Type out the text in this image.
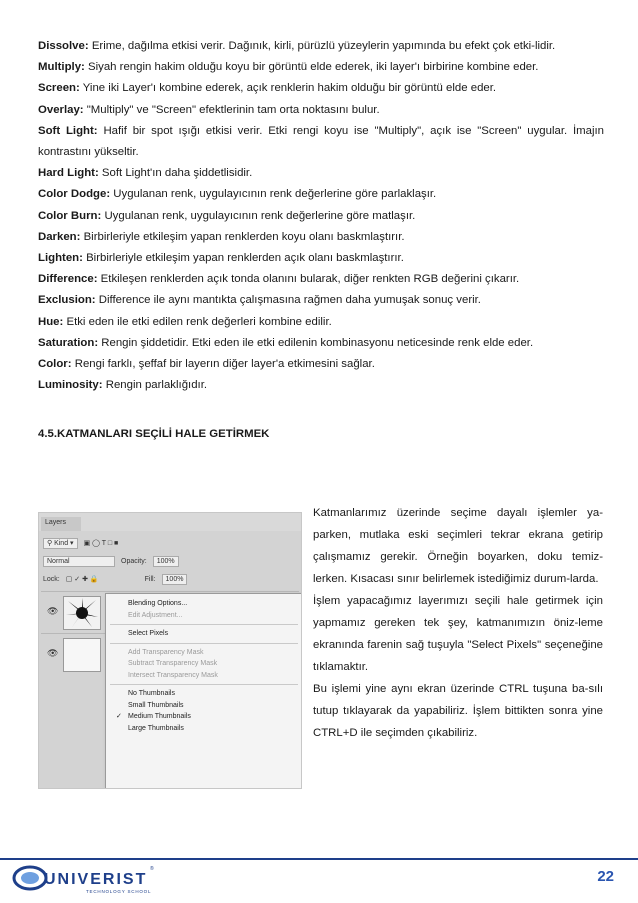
Dissolve: Erime, dağılma etkisi verir. Dağınık, kirli, pürüzlü yüzeylerin yapımında bu efekt çok etki-lidir.

Multiply: Siyah rengin hakim olduğu koyu bir görüntü elde ederek, iki layer'ı birbirine kombine eder.

Screen: Yine iki Layer'ı kombine ederek, açık renklerin hakim olduğu bir görüntü elde eder.

Overlay: "Multiply" ve "Screen" efektlerinin tam orta noktasını bulur.

Soft Light: Hafif bir spot ışığı etkisi verir. Etki rengi koyu ise "Multiply", açık ise "Screen" uygular. İmajın kontrastını yükseltir.

Hard Light: Soft Light'ın daha şiddetlisidir.

Color Dodge: Uygulanan renk, uygulayıcının renk değerlerine göre parlaklaşır.

Color Burn: Uygulanan renk, uygulayıcının renk değerlerine göre matlaşır.

Darken: Birbirleriyle etkileşim yapan renklerden koyu olanı baskmlaştırır.

Lighten: Birbirleriyle etkileşim yapan renklerden açık olanı baskmlaştırır.

Difference: Etkileşen renklerden açık tonda olanını bularak, diğer renkten RGB değerini çıkarır.

Exclusion: Difference ile aynı mantıkta çalışmasına rağmen daha yumuşak sonuç verir.

Hue: Etki eden ile etki edilen renk değerleri kombine edilir.

Saturation: Rengin şiddetidir. Etki eden ile etki edilenin kombinasyonu neticesinde renk elde eder.

Color: Rengi farklı, şeffaf bir layerın diğer layer'a etkimesini sağlar.

Luminosity: Rengin parlaklığıdır.

4.5.KATMANLARI SEÇİLİ HALE GETİRMEK

Layers
⚲ Kind ▾	▣ ◯ T □ ■
Normal	Opacity:	100%
Lock: ▢ ✓ ✚ 🔒	Fill:	100%
👁
👁
Blending Options...
Edit Adjustment...
Select Pixels
Add Transparency Mask
Subtract Transparency Mask
Intersect Transparency Mask
No Thumbnails
Small Thumbnails
✓ Medium Thumbnails
Large Thumbnails
Katmanlarımız üzerinde seçime dayalı işlemler ya-parken, mutlaka eski seçimleri tekrar ekrana getirip çalışmamız gerekir. Örneğin boyarken, doku temiz-lerken. Kısacası sınır belirlemek istediğimiz durum-larda.
İşlem yapacağımız layerımızı seçili hale getirmek için yapmamız gereken tek şey, katmanımızın öniz-leme ekranında farenin sağ tuşuyla "Select Pixels" seçeneğine tıklamaktır.
Bu işlemi yine aynı ekran üzerinde CTRL tuşuna ba-sılı tutup tıklayarak da yapabiliriz. İşlem bittikten sonra yine CTRL+D ile seçimden çıkabiliriz.
UNIVERIST
TECHNOLOGY SCHOOL
®	22
